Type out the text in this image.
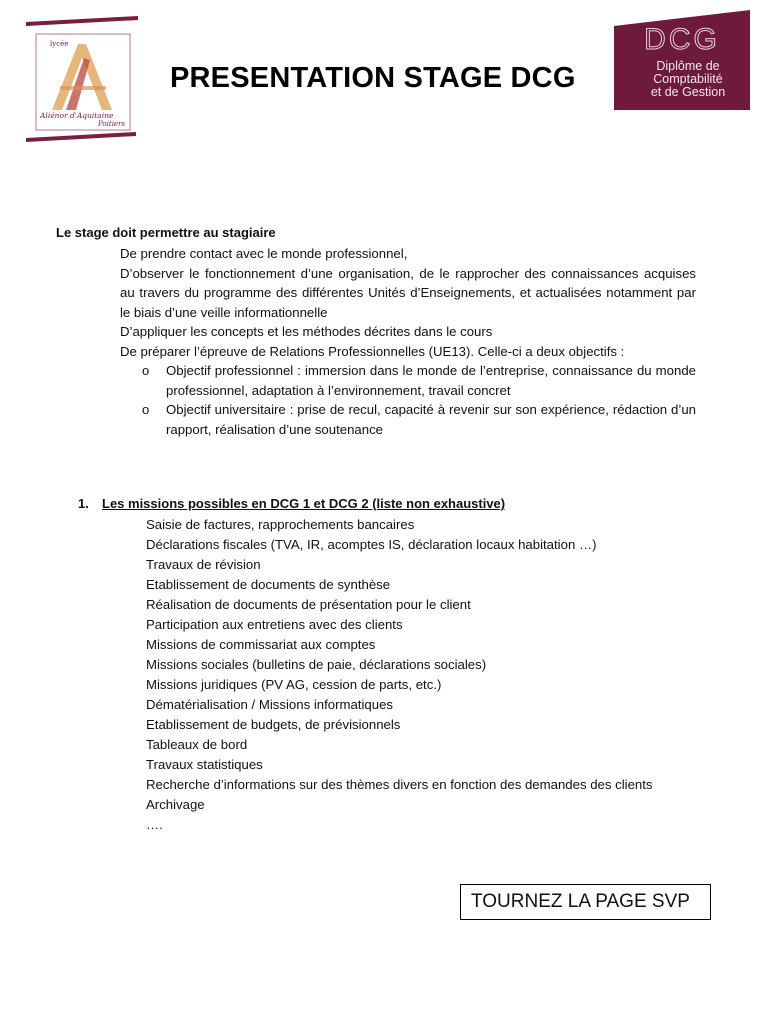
lycée
Aliénor d'Aquitaine
Poitiers
PRESENTATION STAGE DCG
DCG
Diplôme de
Comptabilité
et de Gestion
Le stage doit permettre au stagiaire

De prendre contact avec le monde professionnel,

D’observer le fonctionnement d’une organisation, de le rapprocher des connaissances acquises au travers du programme des différentes Unités d’Enseignements, et actualisées notamment par le biais d’une veille informationnelle

D’appliquer les concepts et les méthodes décrites dans le cours

De préparer l’épreuve de Relations Professionnelles (UE13). Celle-ci a deux objectifs :

o Objectif professionnel : immersion dans le monde de l’entreprise, connaissance du monde professionnel, adaptation à l’environnement, travail concret
o Objectif universitaire : prise de recul, capacité à revenir sur son expérience, rédaction d’un rapport, réalisation d’une soutenance
1. Les missions possibles en DCG 1 et DCG 2 (liste non exhaustive)
Saisie de factures, rapprochements bancaires
Déclarations fiscales (TVA, IR, acomptes IS, déclaration locaux habitation …)
Travaux de révision
Etablissement de documents de synthèse
Réalisation de documents de présentation pour le client
Participation aux entretiens avec des clients
Missions de commissariat aux comptes
Missions sociales (bulletins de paie, déclarations sociales)
Missions juridiques (PV AG, cession de parts, etc.)
Dématérialisation / Missions informatiques
Etablissement de budgets, de prévisionnels
Tableaux de bord
Travaux statistiques
Recherche d’informations sur des thèmes divers en fonction des demandes des clients
Archivage
….
TOURNEZ LA PAGE SVP
